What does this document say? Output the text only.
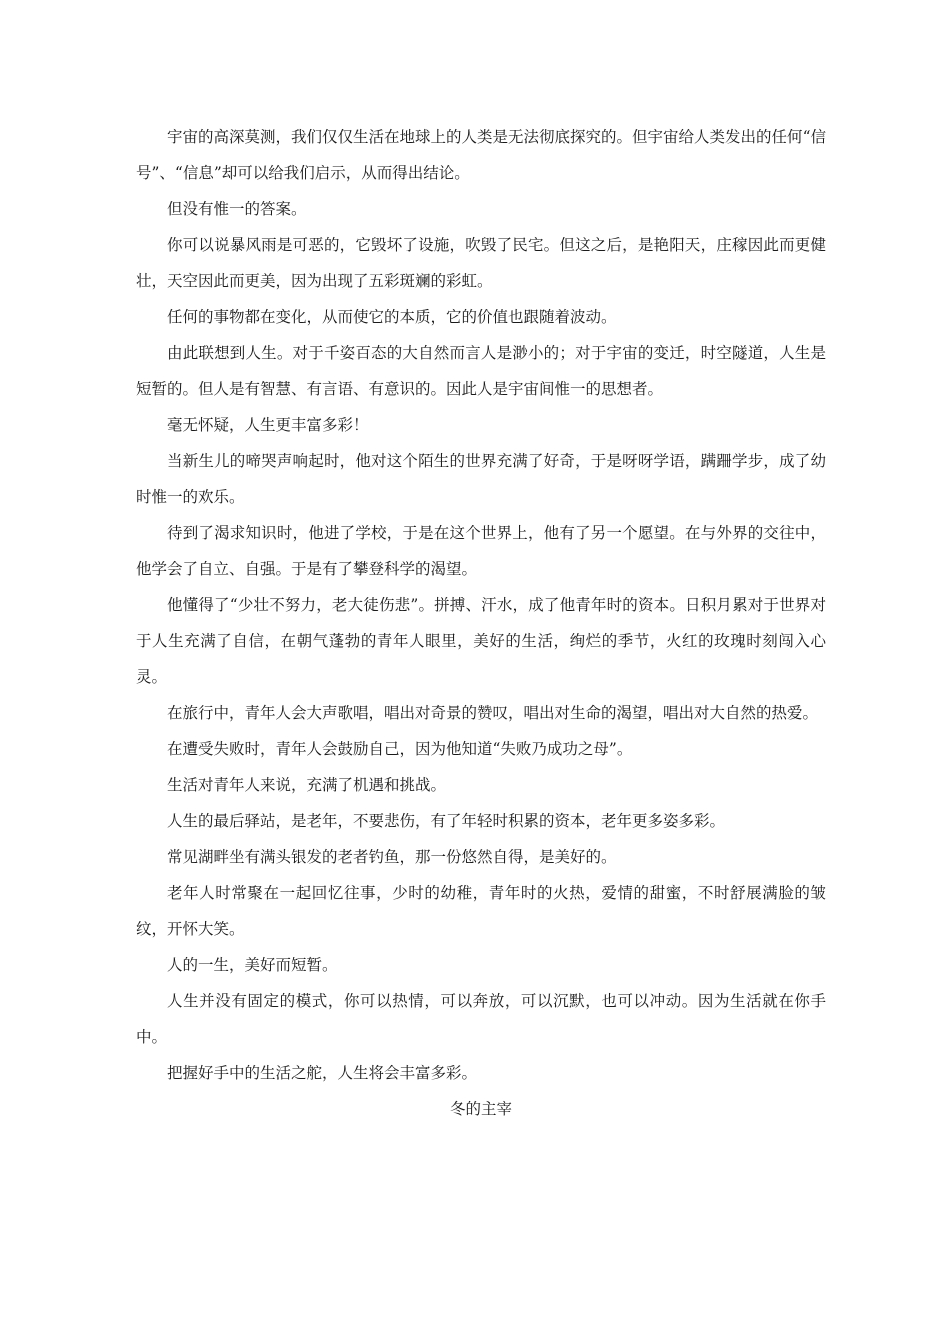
宇宙的高深莫测，我们仅仅生活在地球上的人类是无法彻底探究的。但宇宙给人类发出的任何“信号”、“信息”却可以给我们启示，从而得出结论。

但没有惟一的答案。

你可以说暴风雨是可恶的，它毁坏了设施，吹毁了民宅。但这之后，是艳阳天，庄稼因此而更健壮，天空因此而更美，因为出现了五彩斑斓的彩虹。

任何的事物都在变化，从而使它的本质，它的价值也跟随着波动。

由此联想到人生。对于千姿百态的大自然而言人是渺小的；对于宇宙的变迁，时空隧道，人生是短暂的。但人是有智慧、有言语、有意识的。因此人是宇宙间惟一的思想者。

毫无怀疑，人生更丰富多彩！

当新生儿的啼哭声响起时，他对这个陌生的世界充满了好奇，于是呀呀学语，蹒跚学步，成了幼时惟一的欢乐。

待到了渴求知识时，他进了学校，于是在这个世界上，他有了另一个愿望。在与外界的交往中，他学会了自立、自强。于是有了攀登科学的渴望。

他懂得了“少壮不努力，老大徒伤悲”。拼搏、汗水，成了他青年时的资本。日积月累对于世界对于人生充满了自信，在朝气蓬勃的青年人眼里，美好的生活，绚烂的季节，火红的玫瑰时刻闯入心灵。

在旅行中，青年人会大声歌唱，唱出对奇景的赞叹，唱出对生命的渴望，唱出对大自然的热爱。

在遭受失败时，青年人会鼓励自己，因为他知道“失败乃成功之母”。

生活对青年人来说，充满了机遇和挑战。

人生的最后驿站，是老年，不要悲伤，有了年轻时积累的资本，老年更多姿多彩。

常见湖畔坐有满头银发的老者钓鱼，那一份悠然自得，是美好的。

老年人时常聚在一起回忆往事，少时的幼稚，青年时的火热，爱情的甜蜜，不时舒展满脸的皱纹，开怀大笑。

人的一生，美好而短暂。

人生并没有固定的模式，你可以热情，可以奔放，可以沉默，也可以冲动。因为生活就在你手中。

把握好手中的生活之舵，人生将会丰富多彩。

冬的主宰
